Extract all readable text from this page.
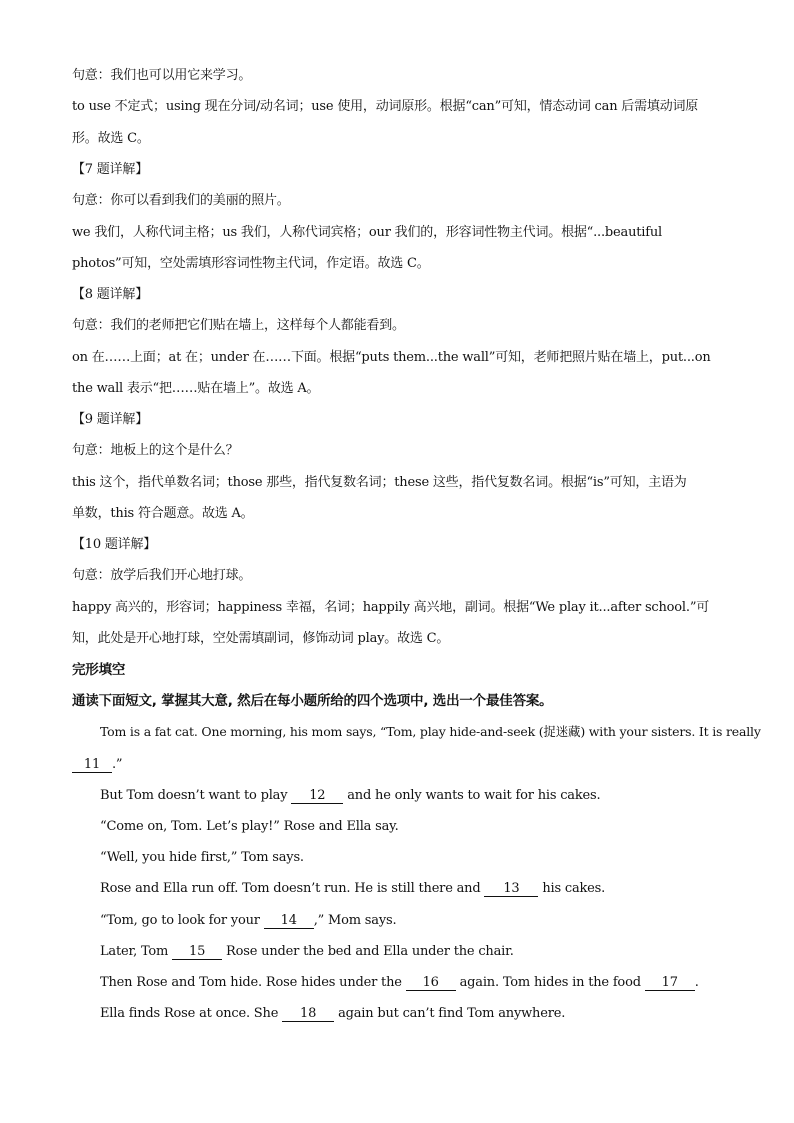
句意：我们也可以用它来学习。
to use 不定式；using 现在分词/动名词；use 使用，动词原形。根据“can”可知，情态动词 can 后需填动词原
形。故选 C。
【7 题详解】
句意：你可以看到我们的美丽的照片。
we 我们，人称代词主格；us 我们，人称代词宾格；our 我们的，形容词性物主代词。根据“...beautiful
photos”可知，空处需填形容词性物主代词，作定语。故选 C。
【8 题详解】
句意：我们的老师把它们贴在墙上，这样每个人都能看到。
on 在……上面；at 在；under 在……下面。根据“puts them...the wall”可知，老师把照片贴在墙上，put...on
the wall 表示“把……贴在墙上”。故选 A。
【9 题详解】
句意：地板上的这个是什么？
this 这个，指代单数名词；those 那些，指代复数名词；these 这些，指代复数名词。根据“is”可知，主语为
单数，this 符合题意。故选 A。
【10 题详解】
句意：放学后我们开心地打球。
happy 高兴的，形容词；happiness 幸福，名词；happily 高兴地，副词。根据“We play it...after school.”可
知，此处是开心地打球，空处需填副词，修饰动词 play。故选 C。
完形填空
通读下面短文, 掌握其大意, 然后在每小题所给的四个选项中, 选出一个最佳答案。
Tom is a fat cat. One morning, his mom says, “Tom, play hide-and-seek (捉迷藏) with your sisters. It is really
11 .”
But Tom doesn’t want to play 12 and he only wants to wait for his cakes.
“Come on, Tom. Let’s play!” Rose and Ella say.
“Well, you hide first,” Tom says.
Rose and Ella run off. Tom doesn’t run. He is still there and 13 his cakes.
“Tom, go to look for your 14 ,” Mom says.
Later, Tom 15 Rose under the bed and Ella under the chair.
Then Rose and Tom hide. Rose hides under the 16 again. Tom hides in the food 17 .
Ella finds Rose at once. She 18 again but can’t find Tom anywhere.
